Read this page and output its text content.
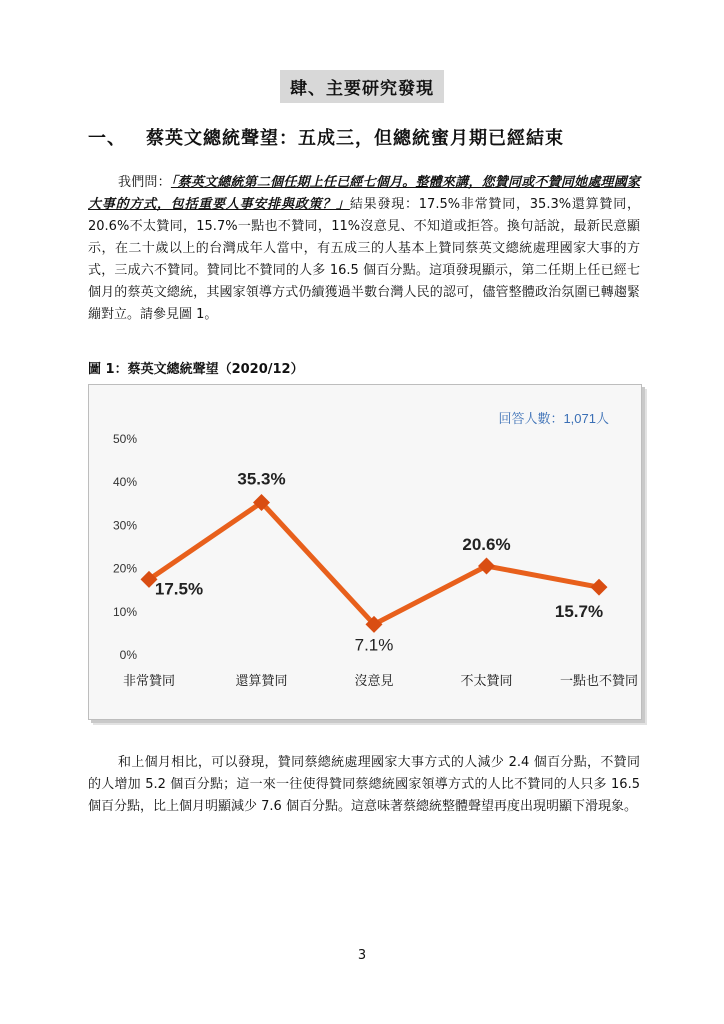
肆、主要研究發現
一、 蔡英文總統聲望：五成三，但總統蜜月期已經結束
我們問：「蔡英文總統第二個任期上任已經七個月。整體來講，您贊同或不贊同她處理國家大事的方式，包括重要人事安排與政策？」結果發現：17.5%非常贊同，35.3%還算贊同，20.6%不太贊同，15.7%一點也不贊同，11%沒意見、不知道或拒答。換句話說，最新民意顯示，在二十歲以上的台灣成年人當中，有五成三的人基本上贊同蔡英文總統處理國家大事的方式，三成六不贊同。贊同比不贊同的人多 16.5 個百分點。這項發現顯示，第二任期上任已經七個月的蔡英文總統，其國家領導方式仍續獲過半數台灣人民的認可，儘管整體政治氛圍已轉趨緊繃對立。請參見圖 1。
圖 1：蔡英文總統聲望（2020/12）
回答人數：1,071人
0%
10%
20%
30%
40%
50%
非常贊同	還算贊同	沒意見	不太贊同	一點也不贊同
17.5%
35.3%
7.1%
20.6%
15.7%
和上個月相比，可以發現，贊同蔡總統處理國家大事方式的人減少 2.4 個百分點，不贊同的人增加 5.2 個百分點；這一來一往使得贊同蔡總統國家領導方式的人比不贊同的人只多 16.5 個百分點，比上個月明顯減少 7.6 個百分點。這意味著蔡總統整體聲望再度出現明顯下滑現象。
3
